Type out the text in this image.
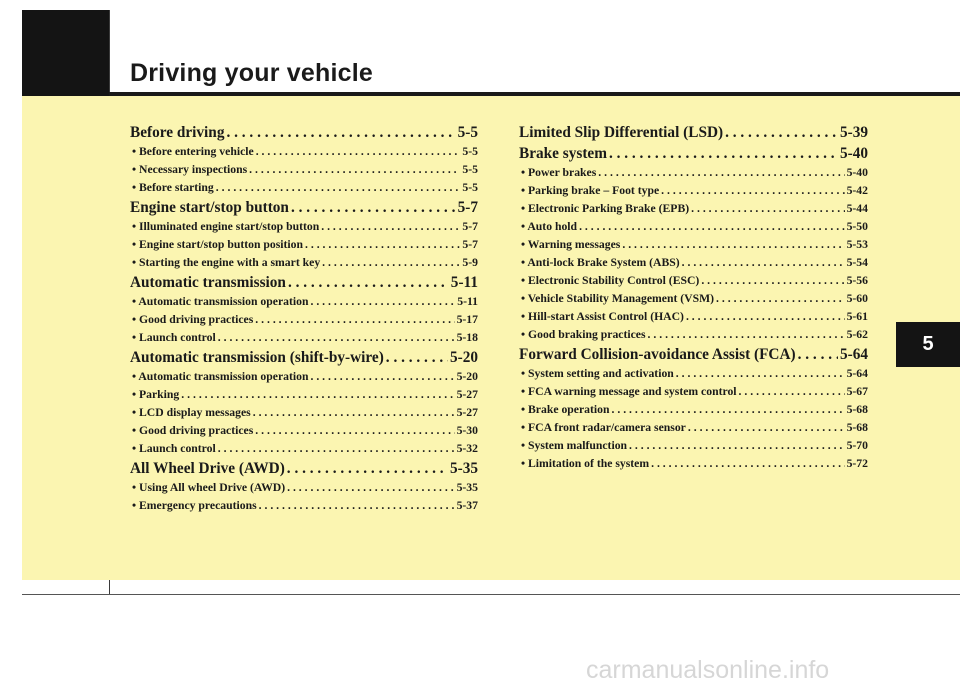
Driving your vehicle
5
Before driving . . .	5-5
• Before entering vehicle . . .	5-5
• Necessary inspections . . .	5-5
• Before starting . . .	5-5
Engine start/stop button . . .	5-7
• Illuminated engine start/stop button . . .	5-7
• Engine start/stop button position . . .	5-7
• Starting the engine with a smart key . . .	5-9
Automatic transmission . . .	5-11
• Automatic transmission operation . . .	5-11
• Good driving practices . . .	5-17
• Launch control . . .	5-18
Automatic transmission (shift-by-wire) . . .	5-20
• Automatic transmission operation . . .	5-20
• Parking . . .	5-27
• LCD display messages . . .	5-27
• Good driving practices . . .	5-30
• Launch control . . .	5-32
All Wheel Drive (AWD) . . .	5-35
• Using All wheel Drive (AWD) . . .	5-35
• Emergency precautions . . .	5-37
Limited Slip Differential (LSD) . . .	5-39
Brake system . . .	5-40
• Power brakes . . .	5-40
• Parking brake – Foot type . . .	5-42
• Electronic Parking Brake (EPB) . . .	5-44
• Auto hold . . .	5-50
• Warning messages . . .	5-53
• Anti-lock Brake System (ABS) . . .	5-54
• Electronic Stability Control (ESC) . . .	5-56
• Vehicle Stability Management (VSM) . . .	5-60
• Hill-start Assist Control (HAC) . . .	5-61
• Good braking practices . . .	5-62
Forward Collision-avoidance Assist (FCA) . . .	5-64
• System setting and activation . . .	5-64
• FCA warning message and system control . . .	5-67
• Brake operation . . .	5-68
• FCA front radar/camera sensor . . .	5-68
• System malfunction . . .	5-70
• Limitation of the system . . .	5-72
carmanualsonline.info
